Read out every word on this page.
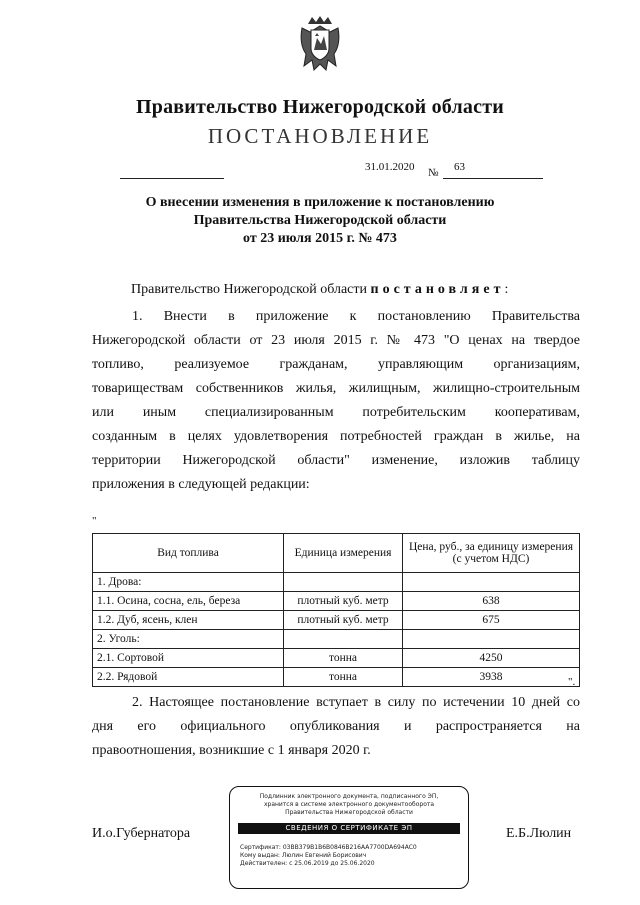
Правительство Нижегородской области
ПОСТАНОВЛЕНИЕ
31.01.2020 № 63
О внесении изменения в приложение к постановлению
Правительства Нижегородской области
от 23 июля 2015 г. № 473
Правительство Нижегородской области постановляет:
1. Внести в приложение к постановлению Правительства
Нижегородской области от 23 июля 2015 г. № 473 "О ценах на твердое
топливо, реализуемое гражданам, управляющим организациям,
товариществам собственников жилья, жилищным, жилищно-строительным
или иным специализированным потребительским кооперативам,
созданным в целях удовлетворения потребностей граждан в жилье, на
территории Нижегородской области" изменение, изложив таблицу
приложения в следующей редакции:
"
Вид топлива	Единица измерения	Цена, руб., за единицу измерения (с учетом НДС)
1. Дрова:		
1.1. Осина, сосна, ель, береза	плотный куб. метр	638
1.2. Дуб, ясень, клен	плотный куб. метр	675
2. Уголь:		
2.1. Сортовой	тонна	4250
2.2. Рядовой	тонна	3938	".
2. Настоящее постановление вступает в силу по истечении 10 дней со
дня его официального опубликования и распространяется на
правоотношения, возникшие с 1 января 2020 г.
И.о.Губернатора	Е.Б.Люлин
Подлинник электронного документа, подписанного ЭП,
хранится в системе электронного документооборота
Правительства Нижегородской области
СВЕДЕНИЯ О СЕРТИФИКАТЕ ЭП
Сертификат: 03BB379B1B6B0846B216AA7700DA694AC0
Кому выдан: Люлин Евгений Борисович
Действителен: с 25.06.2019 до 25.06.2020
